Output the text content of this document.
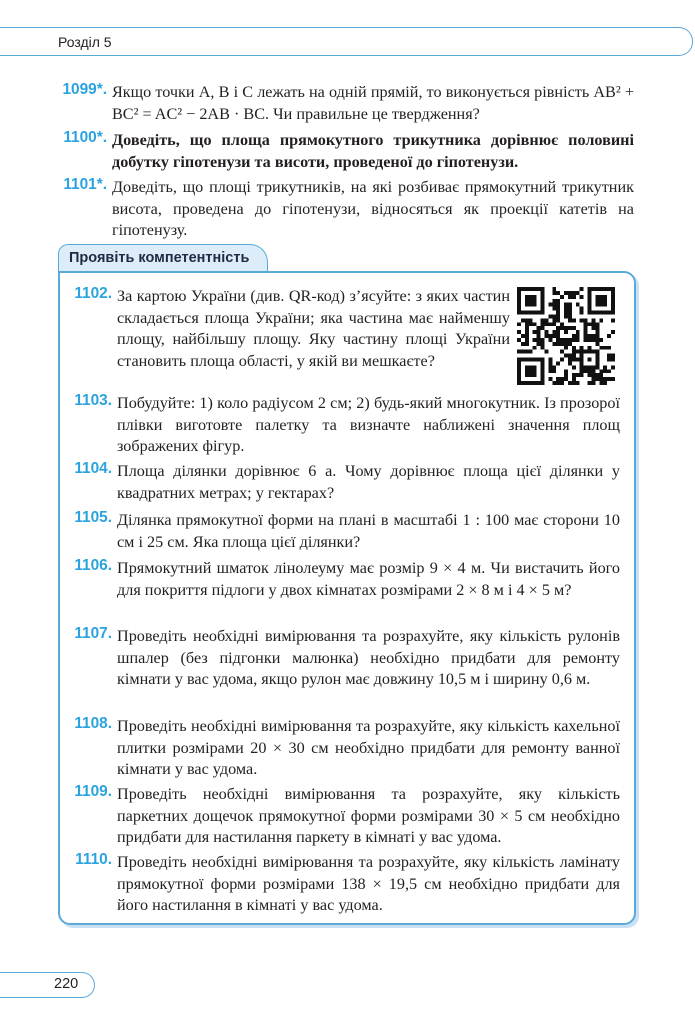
Розділ 5
1099*. Якщо точки A, B і C лежать на одній прямій, то виконується рівність AB² + BC² = AC² − 2AB · BC. Чи правильне це твердження?
1100*. Доведіть, що площа прямокутного трикутника дорівнює половині добутку гіпотенузи та висоти, проведеної до гіпотенузи.
1101*. Доведіть, що площі трикутників, на які розбиває прямокутний трикутник висота, проведена до гіпотенузи, відносяться як проекції катетів на гіпотенузу.
Проявіть компетентність
1102. За картою України (див. QR-код) з’ясуйте: з яких частин складається площа України; яка частина має найменшу площу, найбільшу площу. Яку частину площі України становить площа області, у якій ви мешкаєте?
1103. Побудуйте: 1) коло радіусом 2 см; 2) будь-який многокутник. Із прозорої плівки виготовте палетку та визначте наближені значення площ зображених фігур.
1104. Площа ділянки дорівнює 6 а. Чому дорівнює площа цієї ділянки у квадратних метрах; у гектарах?
1105. Ділянка прямокутної форми на плані в масштабі 1 : 100 має сторони 10 см і 25 см. Яка площа цієї ділянки?
1106. Прямокутний шматок лінолеуму має розмір 9 × 4 м. Чи вистачить його для покриття підлоги у двох кімнатах розмірами 2 × 8 м і 4 × 5 м?
1107. Проведіть необхідні вимірювання та розрахуйте, яку кількість рулонів шпалер (без підгонки малюнка) необхідно придбати для ремонту кімнати у вас удома, якщо рулон має довжину 10,5 м і ширину 0,6 м.
1108. Проведіть необхідні вимірювання та розрахуйте, яку кількість кахельної плитки розмірами 20 × 30 см необхідно придбати для ремонту ванної кімнати у вас удома.
1109. Проведіть необхідні вимірювання та розрахуйте, яку кількість паркетних дощечок прямокутної форми розмірами 30 × 5 см необхідно придбати для настилання паркету в кімнаті у вас удома.
1110. Проведіть необхідні вимірювання та розрахуйте, яку кількість ламінату прямокутної форми розмірами 138 × 19,5 см необхідно придбати для його настилання в кімнаті у вас удома.
220
